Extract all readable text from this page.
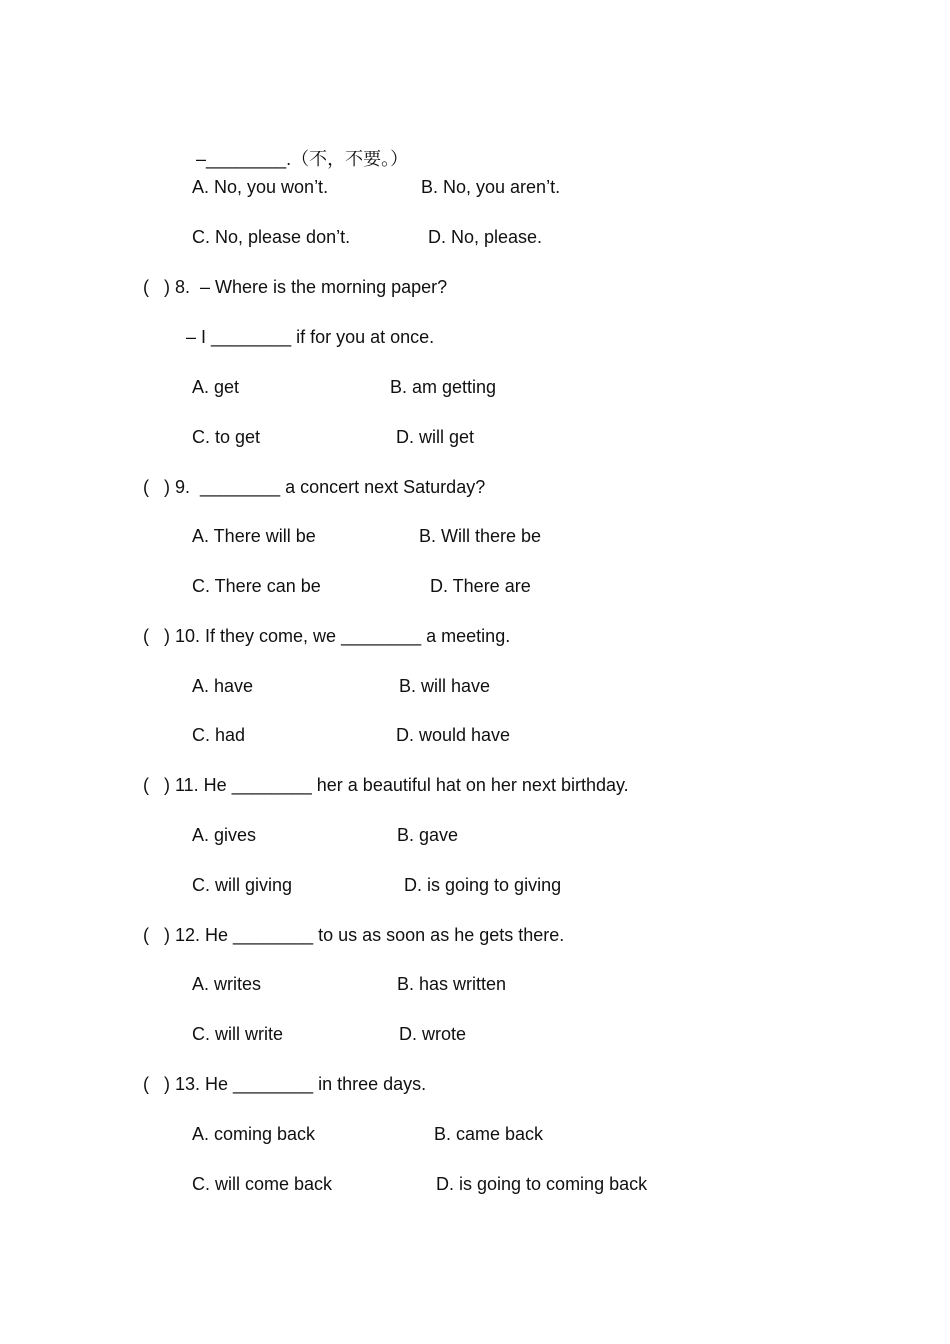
–________.（不，不要。）

A. No, you won’t.	B. No, you aren’t.
C. No, please don’t.	D. No, please.
(   ) 8.  – Where is the morning paper?
– I ________ if for you at once.
A. get	B. am getting
C. to get	D. will get
(   ) 9.  ________ a concert next Saturday?
A. There will be	B. Will there be
C. There can be	D. There are
(   ) 10. If they come, we ________ a meeting.
A. have	B. will have
C. had	D. would have
(   ) 11. He ________ her a beautiful hat on her next birthday.
A. gives	B. gave
C. will giving	D. is going to giving
(   ) 12. He ________ to us as soon as he gets there.
A. writes	B. has written
C. will write	D. wrote
(   ) 13. He ________ in three days.
A. coming back	B. came back
C. will come back	D. is going to coming back
